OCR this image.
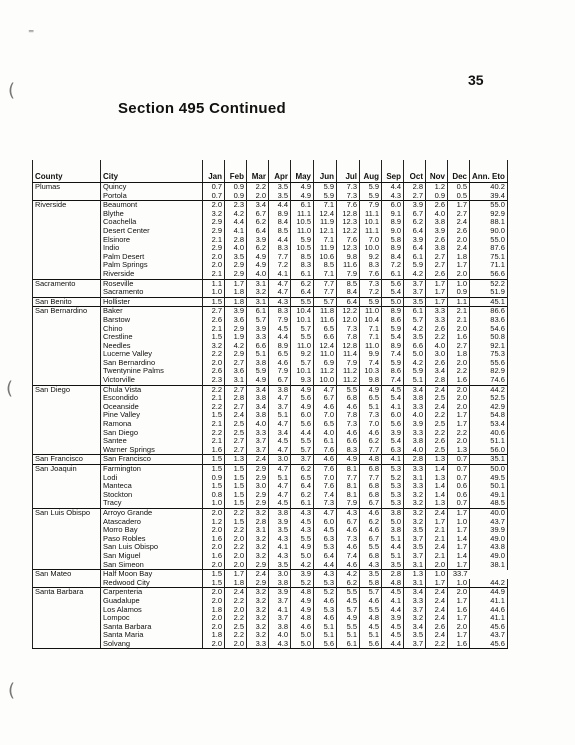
35
Section 495 Continued
⁼
(
(
(
County	City	Jan	Feb	Mar	Apr	May	Jun	Jul	Aug	Sep	Oct	Nov	Dec	Ann. Eto
Plumas	Quincy	0.7	0.9	2.2	3.5	4.9	5.9	7.3	5.9	4.4	2.8	1.2	0.5	40.2
	Portola	0.7	0.9	2.0	3.5	4.9	5.9	7.3	5.9	4.3	2.7	0.9	0.5	39.4
Riverside	Beaumont	2.0	2.3	3.4	4.4	6.1	7.1	7.6	7.9	6.0	3.9	2.6	1.7	55.0
	Blythe	3.2	4.2	6.7	8.9	11.1	12.4	12.8	11.1	9.1	6.7	4.0	2.7	92.9
	Coachella	2.9	4.4	6.2	8.4	10.5	11.9	12.3	10.1	8.9	6.2	3.8	2.4	88.1
	Desert Center	2.9	4.1	6.4	8.5	11.0	12.1	12.2	11.1	9.0	6.4	3.9	2.6	90.0
	Elsinore	2.1	2.8	3.9	4.4	5.9	7.1	7.6	7.0	5.8	3.9	2.6	2.0	55.0
	Indio	2.9	4.0	6.2	8.3	10.5	11.9	12.3	10.0	8.9	6.4	3.8	2.4	87.6
	Palm Desert	2.0	3.5	4.9	7.7	8.5	10.6	9.8	9.2	8.4	6.1	2.7	1.8	75.1
	Palm Springs	2.0	2.9	4.9	7.2	8.3	8.5	11.6	8.3	7.2	5.9	2.7	1.7	71.1
	Riverside	2.1	2.9	4.0	4.1	6.1	7.1	7.9	7.6	6.1	4.2	2.6	2.0	56.6
Sacramento	Roseville	1.1	1.7	3.1	4.7	6.2	7.7	8.5	7.3	5.6	3.7	1.7	1.0	52.2
	Sacramento	1.0	1.8	3.2	4.7	6.4	7.7	8.4	7.2	5.4	3.7	1.7	0.9	51.9
San Benito	Hollister	1.5	1.8	3.1	4.3	5.5	5.7	6.4	5.9	5.0	3.5	1.7	1.1	45.1
San Bernardino	Baker	2.7	3.9	6.1	8.3	10.4	11.8	12.2	11.0	8.9	6.1	3.3	2.1	86.6
	Barstow	2.6	3.6	5.7	7.9	10.1	11.6	12.0	10.4	8.6	5.7	3.3	2.1	83.6
	Chino	2.1	2.9	3.9	4.5	5.7	6.5	7.3	7.1	5.9	4.2	2.6	2.0	54.6
	Crestline	1.5	1.9	3.3	4.4	5.5	6.6	7.8	7.1	5.4	3.5	2.2	1.6	50.8
	Needles	3.2	4.2	6.6	8.9	11.0	12.4	12.8	11.0	8.9	6.6	4.0	2.7	92.1
	Lucerne Valley	2.2	2.9	5.1	6.5	9.2	11.0	11.4	9.9	7.4	5.0	3.0	1.8	75.3
	San Bernardino	2.0	2.7	3.8	4.6	5.7	6.9	7.9	7.4	5.9	4.2	2.6	2.0	55.6
	Twentynine Palms	2.6	3.6	5.9	7.9	10.1	11.2	11.2	10.3	8.6	5.9	3.4	2.2	82.9
	Victorville	2.3	3.1	4.9	6.7	9.3	10.0	11.2	9.8	7.4	5.1	2.8	1.6	74.6
San Diego	Chula Vista	2.2	2.7	3.4	3.8	4.9	4.7	5.5	4.9	4.5	3.4	2.4	2.0	44.2
	Escondido	2.1	2.8	3.8	4.7	5.6	6.7	6.8	6.5	5.4	3.8	2.5	2.0	52.5
	Oceanside	2.2	2.7	3.4	3.7	4.9	4.6	4.6	5.1	4.1	3.3	2.4	2.0	42.9
	Pine Valley	1.5	2.4	3.8	5.1	6.0	7.0	7.8	7.3	6.0	4.0	2.2	1.7	54.8
	Ramona	2.1	2.5	4.0	4.7	5.6	6.5	7.3	7.0	5.6	3.9	2.5	1.7	53.4
	San Diego	2.2	2.5	3.3	3.4	4.4	4.0	4.6	4.6	3.9	3.3	2.2	2.2	40.6
	Santee	2.1	2.7	3.7	4.5	5.5	6.1	6.6	6.2	5.4	3.8	2.6	2.0	51.1
	Warner Springs	1.6	2.7	3.7	4.7	5.7	7.6	8.3	7.7	6.3	4.0	2.5	1.3	56.0
San Francisco	San Francisco	1.5	1.3	2.4	3.0	3.7	4.6	4.9	4.8	4.1	2.8	1.3	0.7	35.1
San Joaquin	Farmington	1.5	1.5	2.9	4.7	6.2	7.6	8.1	6.8	5.3	3.3	1.4	0.7	50.0
	Lodi	0.9	1.5	2.9	5.1	6.5	7.0	7.7	7.7	5.2	3.1	1.3	0.7	49.5
	Manteca	1.5	1.5	3.0	4.7	6.4	7.6	8.1	6.8	5.3	3.3	1.4	0.6	50.1
	Stockton	0.8	1.5	2.9	4.7	6.2	7.4	8.1	6.8	5.3	3.2	1.4	0.6	49.1
	Tracy	1.0	1.5	2.9	4.5	6.1	7.3	7.9	6.7	5.3	3.2	1.3	0.7	48.5
San Luis Obispo	Arroyo Grande	2.0	2.2	3.2	3.8	4.3	4.7	4.3	4.6	3.8	3.2	2.4	1.7	40.0
	Atascadero	1.2	1.5	2.8	3.9	4.5	6.0	6.7	6.2	5.0	3.2	1.7	1.0	43.7
	Morro Bay	2.0	2.2	3.1	3.5	4.3	4.5	4.6	4.6	3.8	3.5	2.1	1.7	39.9
	Paso Robles	1.6	2.0	3.2	4.3	5.5	6.3	7.3	6.7	5.1	3.7	2.1	1.4	49.0
	San Luis Obispo	2.0	2.2	3.2	4.1	4.9	5.3	4.6	5.5	4.4	3.5	2.4	1.7	43.8
	San Miguel	1.6	2.0	3.2	4.3	5.0	6.4	7.4	6.8	5.1	3.7	2.1	1.4	49.0
	San Simeon	2.0	2.0	2.9	3.5	4.2	4.4	4.6	4.3	3.5	3.1	2.0	1.7	38.1
San Mateo	Half Moon Bay	1.5	1.7	2.4	3.0	3.9	4.3	4.2	3.5	2.8	1.3	1.0	33.7	
	Redwood City	1.5	1.8	2.9	3.8	5.2	5.3	6.2	5.8	4.8	3.1	1.7	1.0	44.2
Santa Barbara	Carpenteria	2.0	2.4	3.2	3.9	4.8	5.2	5.5	5.7	4.5	3.4	2.4	2.0	44.9
	Guadalupe	2.0	2.2	3.2	3.7	4.9	4.6	4.5	4.6	4.1	3.3	2.4	1.7	41.1
	Los Alamos	1.8	2.0	3.2	4.1	4.9	5.3	5.7	5.5	4.4	3.7	2.4	1.6	44.6
	Lompoc	2.0	2.2	3.2	3.7	4.8	4.6	4.9	4.8	3.9	3.2	2.4	1.7	41.1
	Santa Barbara	2.0	2.5	3.2	3.8	4.6	5.1	5.5	4.5	4.5	3.4	2.6	2.0	45.6
	Santa Maria	1.8	2.2	3.2	4.0	5.0	5.1	5.1	5.1	4.5	3.5	2.4	1.7	43.7
	Solvang	2.0	2.0	3.3	4.3	5.0	5.6	6.1	5.6	4.4	3.7	2.2	1.6	45.6
